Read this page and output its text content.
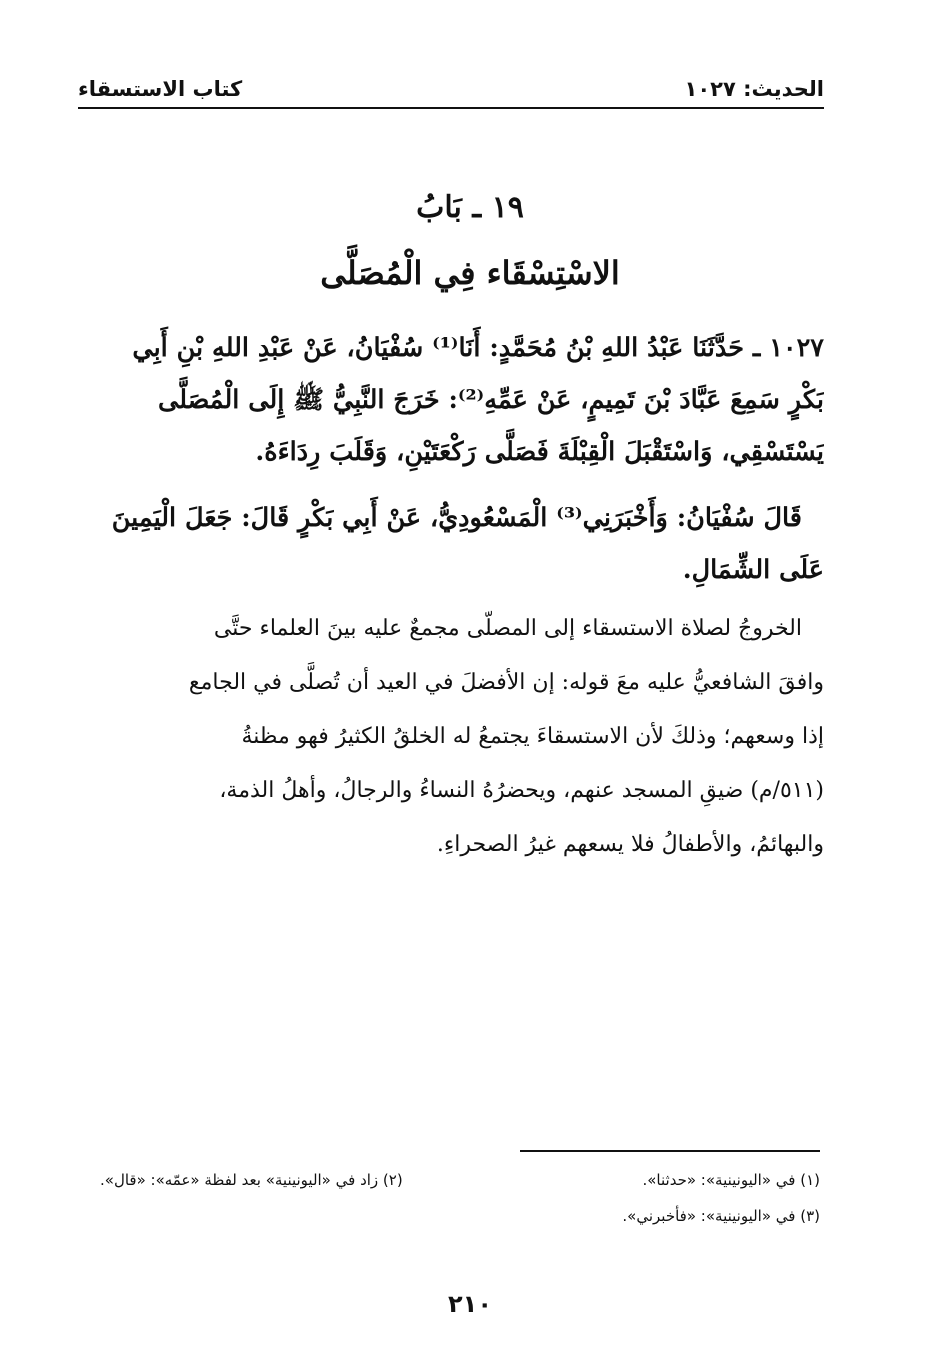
الحديث: ١٠٢٧
كتاب الاستسقاء
١٩ ـ بَابُ
الاسْتِسْقَاء فِي الْمُصَلَّى
١٠٢٧ ـ حَدَّثَنَا عَبْدُ اللهِ بْنُ مُحَمَّدٍ: أَنَا⁽¹⁾ سُفْيَانُ، عَنْ عَبْدِ اللهِ بْنِ أَبِي
بَكْرٍ سَمِعَ عَبَّادَ بْنَ تَمِيمٍ، عَنْ عَمِّهِ⁽²⁾: خَرَجَ النَّبِيُّ ﷺ إِلَى الْمُصَلَّى
يَسْتَسْقِي، وَاسْتَقْبَلَ الْقِبْلَةَ فَصَلَّى رَكْعَتَيْنِ، وَقَلَبَ رِدَاءَهُ.
قَالَ سُفْيَانُ: وَأَخْبَرَنِي⁽³⁾ الْمَسْعُودِيُّ، عَنْ أَبِي بَكْرٍ قَالَ: جَعَلَ الْيَمِينَ
عَلَى الشِّمَالِ.
الخروجُ لصلاة الاستسقاء إلى المصلّى مجمعٌ عليه بينَ العلماء حتَّى
وافقَ الشافعيُّ عليه معَ قوله: إن الأفضلَ في العيد أن تُصلَّى في الجامع
إذا وسعهم؛ وذلكَ لأن الاستسقاءَ يجتمعُ له الخلقُ الكثيرُ فهو مظنةُ
(٥١١/م) ضيقِ المسجد عنهم، ويحضرُهُ النساءُ والرجالُ، وأهلُ الذمة،
والبهائمُ، والأطفالُ فلا يسعهم غيرُ الصحراءِ.
(١) في «اليونينية»: «حدثنا».
(٢) زاد في «اليونينية» بعد لفظة «عمّه»: «قال».
(٣) في «اليونينية»: «فأخبرني».
٢١٠
